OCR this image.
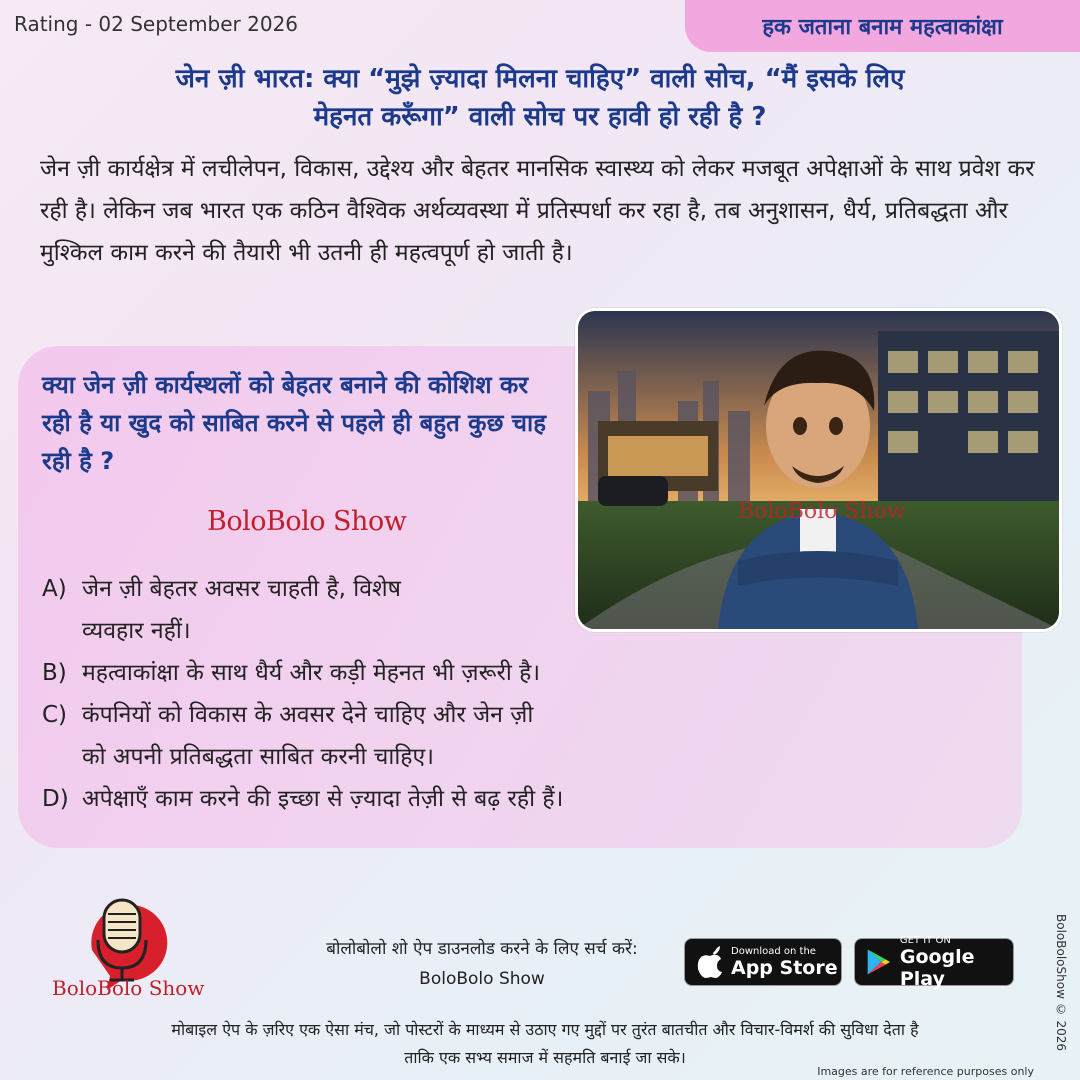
Rating - 02 September 2026	हक जताना बनाम महत्वाकांक्षा
जेन ज़ी भारत: क्या “मुझे ज़्यादा मिलना चाहिए” वाली सोच, “मैं इसके लिए
मेहनत करूँगा” वाली सोच पर हावी हो रही है ?
जेन ज़ी कार्यक्षेत्र में लचीलेपन, विकास, उद्देश्य और बेहतर मानसिक स्वास्थ्य को लेकर मजबूत अपेक्षाओं के साथ प्रवेश कर रही है। लेकिन जब भारत एक कठिन वैश्विक अर्थव्यवस्था में प्रतिस्पर्धा कर रहा है, तब अनुशासन, धैर्य, प्रतिबद्धता और मुश्किल काम करने की तैयारी भी उतनी ही महत्वपूर्ण हो जाती है।
क्या जेन ज़ी कार्यस्थलों को बेहतर बनाने की कोशिश कर रही है या खुद को साबित करने से पहले ही बहुत कुछ चाह रही है ?
BoloBolo Show	BoloBolo Show
A) जेन ज़ी बेहतर अवसर चाहती है, विशेष
व्यवहार नहीं।
B) महत्वाकांक्षा के साथ धैर्य और कड़ी मेहनत भी ज़रूरी है।
C) कंपनियों को विकास के अवसर देने चाहिए और जेन ज़ी
को अपनी प्रतिबद्धता साबित करनी चाहिए।
D) अपेक्षाएँ काम करने की इच्छा से ज़्यादा तेज़ी से बढ़ रही हैं।
BoloBolo Show
बोलोबोलो शो ऐप डाउनलोड करने के लिए सर्च करें:
BoloBolo Show
Download on the
App Store
GET IT ON
Google Play
मोबाइल ऐप के ज़रिए एक ऐसा मंच, जो पोस्टरों के माध्यम से उठाए गए मुद्दों पर तुरंत बातचीत और विचार-विमर्श की सुविधा देता है
ताकि एक सभ्य समाज में सहमति बनाई जा सके।
Images are for reference purposes only
BoloBoloShow © 2026
